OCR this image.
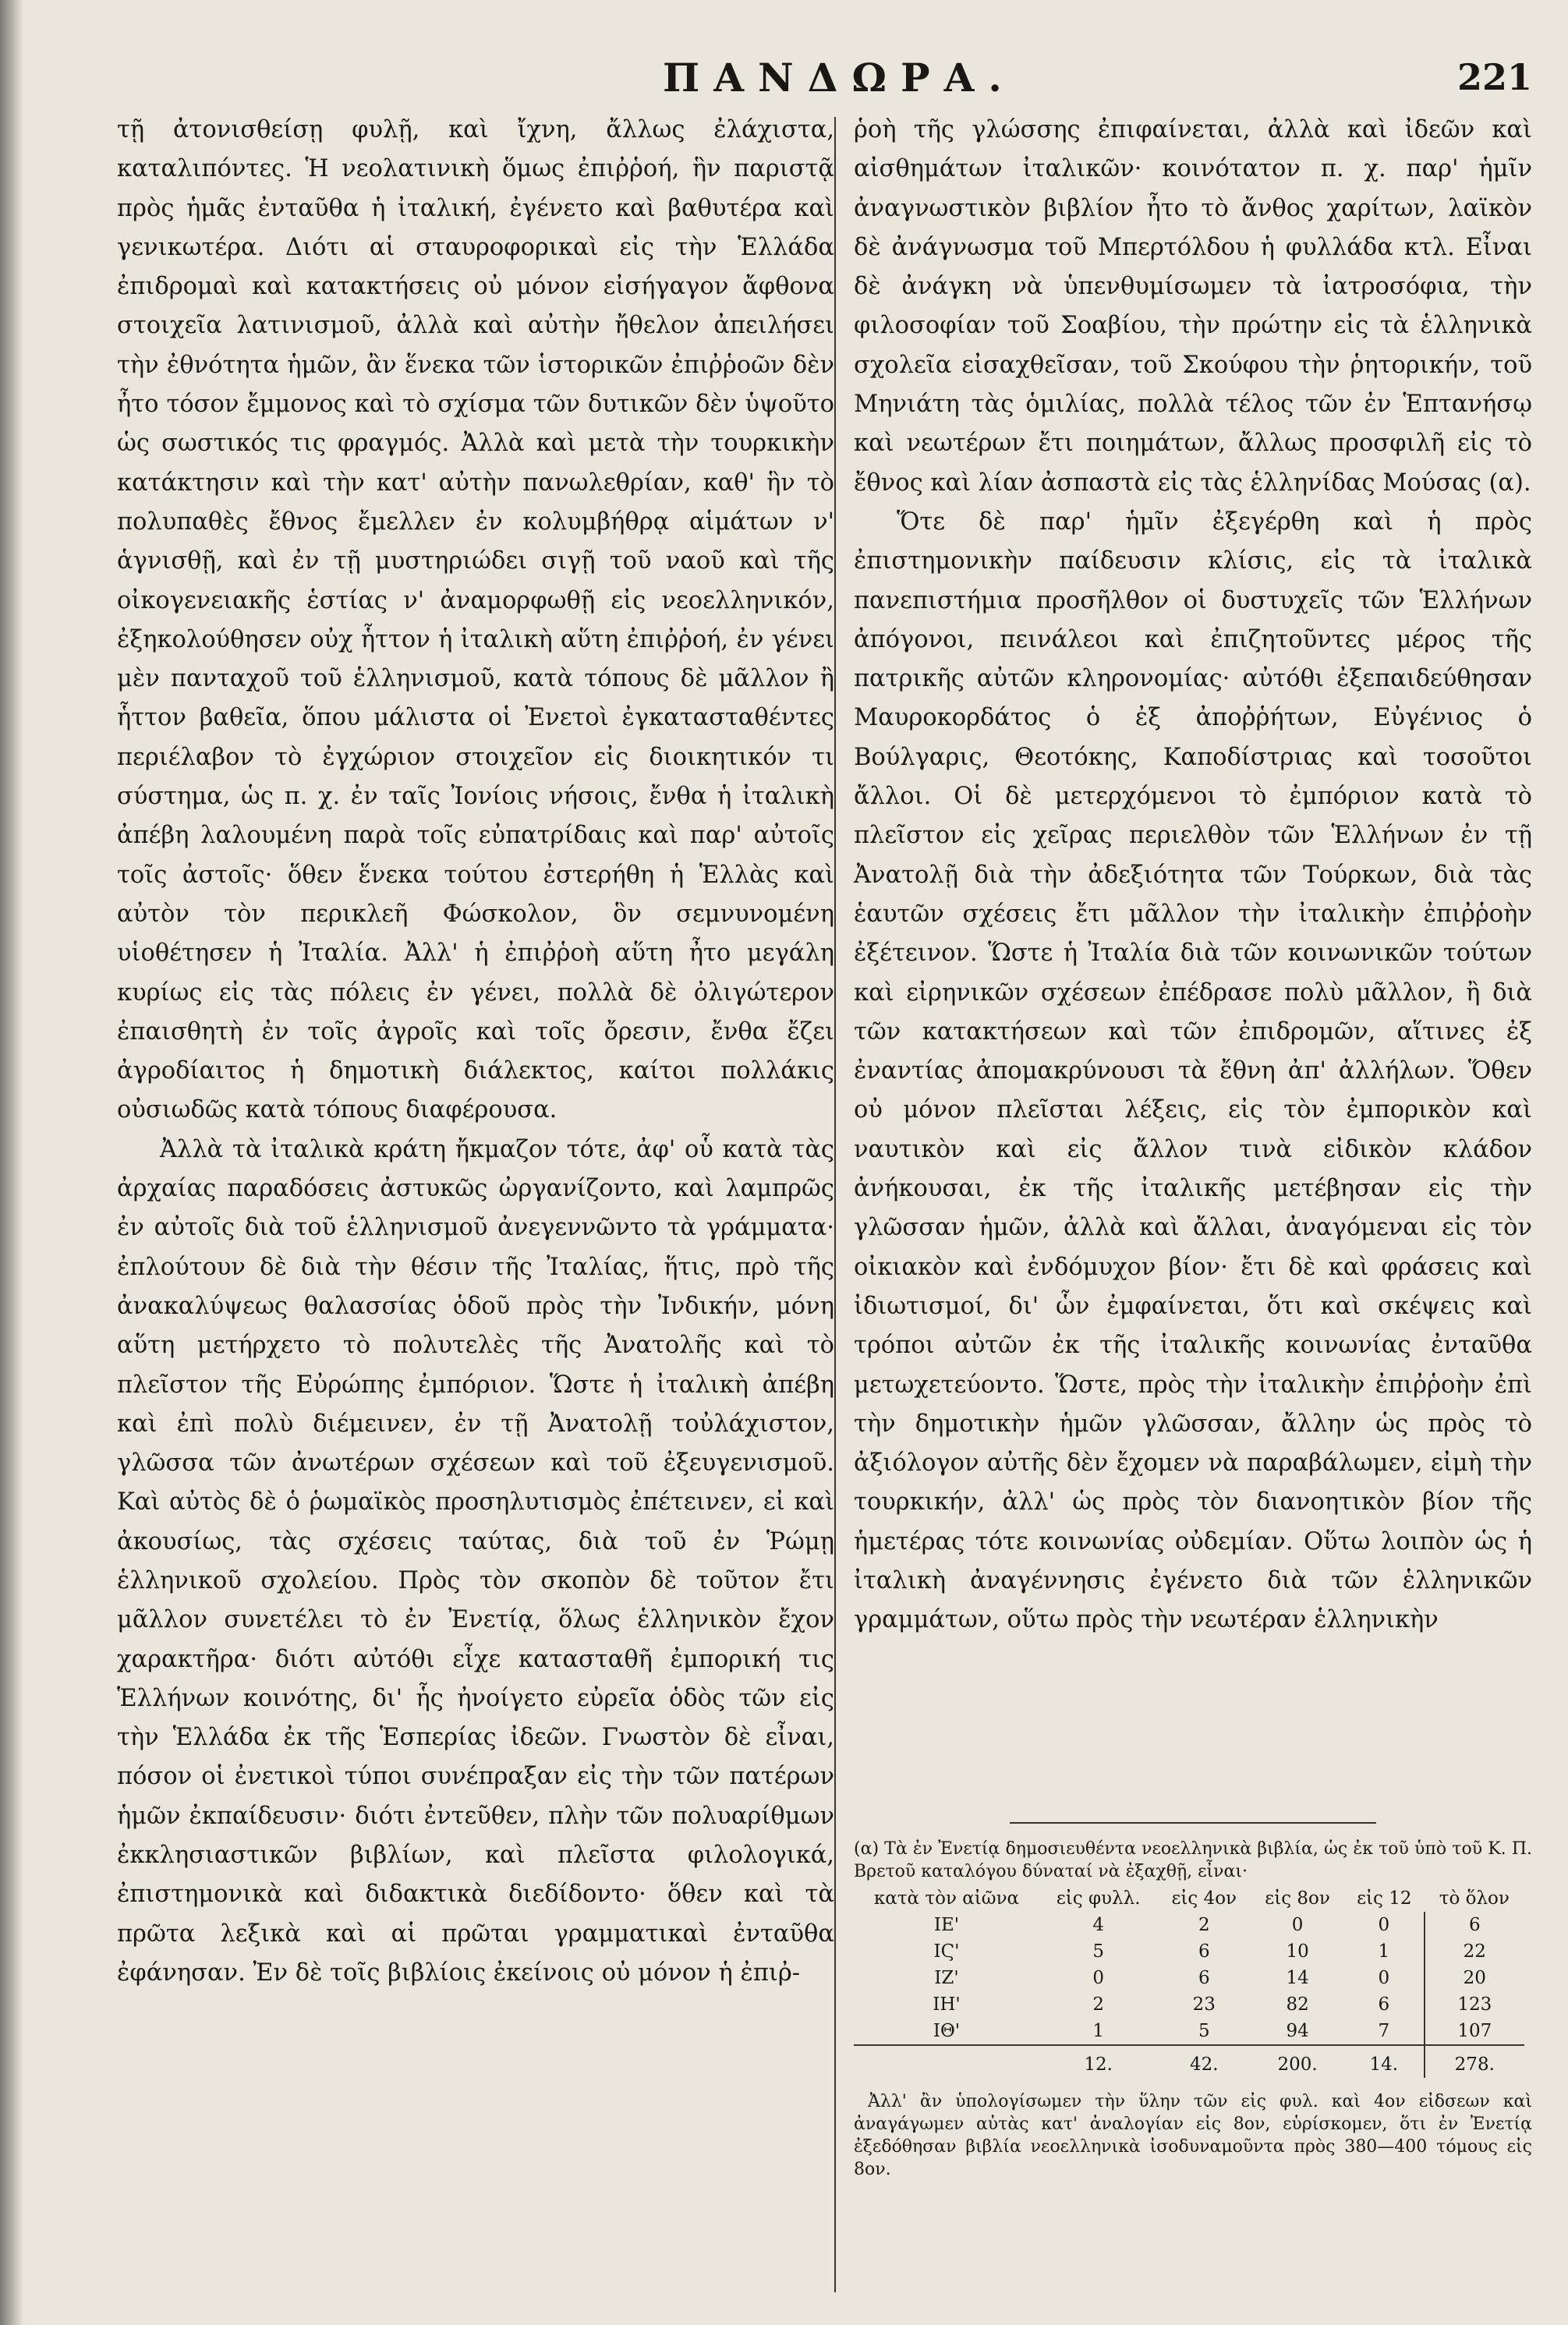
ΠΑΝΔΩΡΑ.	221

τῇ ἀτονισθείσῃ φυλῇ, καὶ ἴχνη, ἄλλως ἐλάχιστα, καταλιπόντες. Ἡ νεολατινικὴ ὅμως ἐπιῤῥοή, ἣν παριστᾷ πρὸς ἡμᾶς ἐνταῦθα ἡ ἰταλική, ἐγένετο καὶ βαθυτέρα καὶ γενικωτέρα. Διότι αἱ σταυροφορικαὶ εἰς τὴν Ἑλλάδα ἐπιδρομαὶ καὶ κατακτήσεις οὐ μόνον εἰσήγαγον ἄφθονα στοιχεῖα λατινισμοῦ, ἀλλὰ καὶ αὐτὴν ἤθελον ἀπειλήσει τὴν ἐθνότητα ἡμῶν, ἂν ἕνεκα τῶν ἱστορικῶν ἐπιῤῥοῶν δὲν ἦτο τόσον ἔμμονος καὶ τὸ σχίσμα τῶν δυτικῶν δὲν ὑψοῦτο ὡς σωστικός τις φραγμός. Ἀλλὰ καὶ μετὰ τὴν τουρκικὴν κατάκτησιν καὶ τὴν κατ' αὐτὴν πανωλεθρίαν, καθ' ἣν τὸ πολυπαθὲς ἔθνος ἔμελλεν ἐν κολυμβήθρᾳ αἱμάτων ν' ἁγνισθῇ, καὶ ἐν τῇ μυστηριώδει σιγῇ τοῦ ναοῦ καὶ τῆς οἰκογενειακῆς ἑστίας ν' ἀναμορφωθῇ εἰς νεοελληνικόν, ἐξηκολούθησεν οὐχ ἧττον ἡ ἰταλικὴ αὕτη ἐπιῤῥοή, ἐν γένει μὲν πανταχοῦ τοῦ ἑλληνισμοῦ, κατὰ τόπους δὲ μᾶλλον ἢ ἧττον βαθεῖα, ὅπου μάλιστα οἱ Ἐνετοὶ ἐγκατασταθέντες περιέλαβον τὸ ἐγχώριον στοιχεῖον εἰς διοικητικόν τι σύστημα, ὡς π. χ. ἐν ταῖς Ἰονίοις νήσοις, ἔνθα ἡ ἰταλικὴ ἀπέβη λαλουμένη παρὰ τοῖς εὐπατρίδαις καὶ παρ' αὐτοῖς τοῖς ἀστοῖς· ὅθεν ἕνεκα τούτου ἐστερήθη ἡ Ἑλλὰς καὶ αὐτὸν τὸν περικλεῆ Φώσκολον, ὃν σεμνυνομένη υἱοθέτησεν ἡ Ἰταλία. Ἀλλ' ἡ ἐπιῤῥοὴ αὕτη ἦτο μεγάλη κυρίως εἰς τὰς πόλεις ἐν γένει, πολλὰ δὲ ὀλιγώτερον ἐπαισθητὴ ἐν τοῖς ἀγροῖς καὶ τοῖς ὄρεσιν, ἔνθα ἔζει ἀγροδίαιτος ἡ δημοτικὴ διάλεκτος, καίτοι πολλάκις οὐσιωδῶς κατὰ τόπους διαφέρουσα.

Ἀλλὰ τὰ ἰταλικὰ κράτη ἤκμαζον τότε, ἀφ' οὗ κατὰ τὰς ἀρχαίας παραδόσεις ἀστυκῶς ὠργανίζοντο, καὶ λαμπρῶς ἐν αὐτοῖς διὰ τοῦ ἑλληνισμοῦ ἀνεγεννῶντο τὰ γράμματα· ἐπλούτουν δὲ διὰ τὴν θέσιν τῆς Ἰταλίας, ἥτις, πρὸ τῆς ἀνακαλύψεως θαλασσίας ὁδοῦ πρὸς τὴν Ἰνδικήν, μόνη αὕτη μετήρχετο τὸ πολυτελὲς τῆς Ἀνατολῆς καὶ τὸ πλεῖστον τῆς Εὐρώπης ἐμπόριον. Ὥστε ἡ ἰταλικὴ ἀπέβη καὶ ἐπὶ πολὺ διέμεινεν, ἐν τῇ Ἀνατολῇ τοὐλάχιστον, γλῶσσα τῶν ἀνωτέρων σχέσεων καὶ τοῦ ἐξευγενισμοῦ. Καὶ αὐτὸς δὲ ὁ ῥωμαϊκὸς προσηλυτισμὸς ἐπέτεινεν, εἰ καὶ ἀκουσίως, τὰς σχέσεις ταύτας, διὰ τοῦ ἐν Ῥώμῃ ἑλληνικοῦ σχολείου. Πρὸς τὸν σκοπὸν δὲ τοῦτον ἔτι μᾶλλον συνετέλει τὸ ἐν Ἐνετίᾳ, ὅλως ἑλληνικὸν ἔχον χαρακτῆρα· διότι αὐτόθι εἶχε κατασταθῆ ἐμπορική τις Ἑλλήνων κοινότης, δι' ἧς ἠνοίγετο εὐρεῖα ὁδὸς τῶν εἰς τὴν Ἑλλάδα ἐκ τῆς Ἑσπερίας ἰδεῶν. Γνωστὸν δὲ εἶναι, πόσον οἱ ἐνετικοὶ τύποι συνέπραξαν εἰς τὴν τῶν πατέρων ἡμῶν ἐκπαίδευσιν· διότι ἐντεῦθεν, πλὴν τῶν πολυαρίθμων ἐκκλησιαστικῶν βιβλίων, καὶ πλεῖστα φιλολογικά, ἐπιστημονικὰ καὶ διδακτικὰ διεδίδοντο· ὅθεν καὶ τὰ πρῶτα λεξικὰ καὶ αἱ πρῶται γραμματικαὶ ἐνταῦθα ἐφάνησαν. Ἐν δὲ τοῖς βιβλίοις ἐκείνοις οὐ μόνον ἡ ἐπιῤ-

ῥοὴ τῆς γλώσσης ἐπιφαίνεται, ἀλλὰ καὶ ἰδεῶν καὶ αἰσθημάτων ἰταλικῶν· κοινότατον π. χ. παρ' ἡμῖν ἀναγνωστικὸν βιβλίον ἦτο τὸ ἄνθος χαρίτων, λαϊκὸν δὲ ἀνάγνωσμα τοῦ Μπερτόλδου ἡ φυλλάδα κτλ. Εἶναι δὲ ἀνάγκη νὰ ὑπενθυμίσωμεν τὰ ἰατροσόφια, τὴν φιλοσοφίαν τοῦ Σοαβίου, τὴν πρώτην εἰς τὰ ἑλληνικὰ σχολεῖα εἰσαχθεῖσαν, τοῦ Σκούφου τὴν ῥητορικήν, τοῦ Μηνιάτη τὰς ὁμιλίας, πολλὰ τέλος τῶν ἐν Ἑπτανήσῳ καὶ νεωτέρων ἔτι ποιημάτων, ἄλλως προσφιλῆ εἰς τὸ ἔθνος καὶ λίαν ἀσπαστὰ εἰς τὰς ἑλληνίδας Μούσας (α).

Ὅτε δὲ παρ' ἡμῖν ἐξεγέρθη καὶ ἡ πρὸς ἐπιστημονικὴν παίδευσιν κλίσις, εἰς τὰ ἰταλικὰ πανεπιστήμια προσῆλθον οἱ δυστυχεῖς τῶν Ἑλλήνων ἀπόγονοι, πεινάλεοι καὶ ἐπιζητοῦντες μέρος τῆς πατρικῆς αὐτῶν κληρονομίας· αὐτόθι ἐξεπαιδεύθησαν Μαυροκορδάτος ὁ ἐξ ἀποῤῥήτων, Εὐγένιος ὁ Βούλγαρις, Θεοτόκης, Καποδίστριας καὶ τοσοῦτοι ἄλλοι. Οἱ δὲ μετερχόμενοι τὸ ἐμπόριον κατὰ τὸ πλεῖστον εἰς χεῖρας περιελθὸν τῶν Ἑλλήνων ἐν τῇ Ἀνατολῇ διὰ τὴν ἀδεξιότητα τῶν Τούρκων, διὰ τὰς ἑαυτῶν σχέσεις ἔτι μᾶλλον τὴν ἰταλικὴν ἐπιῤῥοὴν ἐξέτεινον. Ὥστε ἡ Ἰταλία διὰ τῶν κοινωνικῶν τούτων καὶ εἰρηνικῶν σχέσεων ἐπέδρασε πολὺ μᾶλλον, ἢ διὰ τῶν κατακτήσεων καὶ τῶν ἐπιδρομῶν, αἵτινες ἐξ ἐναντίας ἀπομακρύνουσι τὰ ἔθνη ἀπ' ἀλλήλων. Ὅθεν οὐ μόνον πλεῖσται λέξεις, εἰς τὸν ἐμπορικὸν καὶ ναυτικὸν καὶ εἰς ἄλλον τινὰ εἰδικὸν κλάδον ἀνήκουσαι, ἐκ τῆς ἰταλικῆς μετέβησαν εἰς τὴν γλῶσσαν ἡμῶν, ἀλλὰ καὶ ἄλλαι, ἀναγόμεναι εἰς τὸν οἰκιακὸν καὶ ἐνδόμυχον βίον· ἔτι δὲ καὶ φράσεις καὶ ἰδιωτισμοί, δι' ὧν ἐμφαίνεται, ὅτι καὶ σκέψεις καὶ τρόποι αὐτῶν ἐκ τῆς ἰταλικῆς κοινωνίας ἐνταῦθα μετωχετεύοντο. Ὥστε, πρὸς τὴν ἰταλικὴν ἐπιῤῥοὴν ἐπὶ τὴν δημοτικὴν ἡμῶν γλῶσσαν, ἄλλην ὡς πρὸς τὸ ἀξιόλογον αὐτῆς δὲν ἔχομεν νὰ παραβάλωμεν, εἰμὴ τὴν τουρκικήν, ἀλλ' ὡς πρὸς τὸν διανοητικὸν βίον τῆς ἡμετέρας τότε κοινωνίας οὐδεμίαν. Οὕτω λοιπὸν ὡς ἡ ἰταλικὴ ἀναγέννησις ἐγένετο διὰ τῶν ἑλληνικῶν γραμμάτων, οὕτω πρὸς τὴν νεωτέραν ἑλληνικὴν

(α) Τὰ ἐν Ἐνετίᾳ δημοσιευθέντα νεοελληνικὰ βιβλία, ὡς ἐκ τοῦ ὑπὸ τοῦ Κ. Π. Βρετοῦ καταλόγου δύναταί νὰ ἐξαχθῇ, εἶναι·

κατὰ τὸν αἰῶνα	εἰς φυλλ.	εἰς 4ον	εἰς 8ον	εἰς 12	τὸ ὅλον
ΙΕ'	4	2	0	0	6
ΙϚ'	5	6	10	1	22
ΙΖ'	0	6	14	0	20
ΙΗ'	2	23	82	6	123
ΙΘ'	1	5	94	7	107
	12.	42.	200.	14.	278.

Ἀλλ' ἂν ὑπολογίσωμεν τὴν ὕλην τῶν εἰς φυλ. καὶ 4ον εἰδσεων καὶ ἀναγάγωμεν αὐτὰς κατ' ἀναλογίαν εἰς 8ον, εὑρίσκομεν, ὅτι ἐν Ἐνετίᾳ ἐξεδόθησαν βιβλία νεοελληνικὰ ἰσοδυναμοῦντα πρὸς 380—400 τόμους εἰς 8ον.
